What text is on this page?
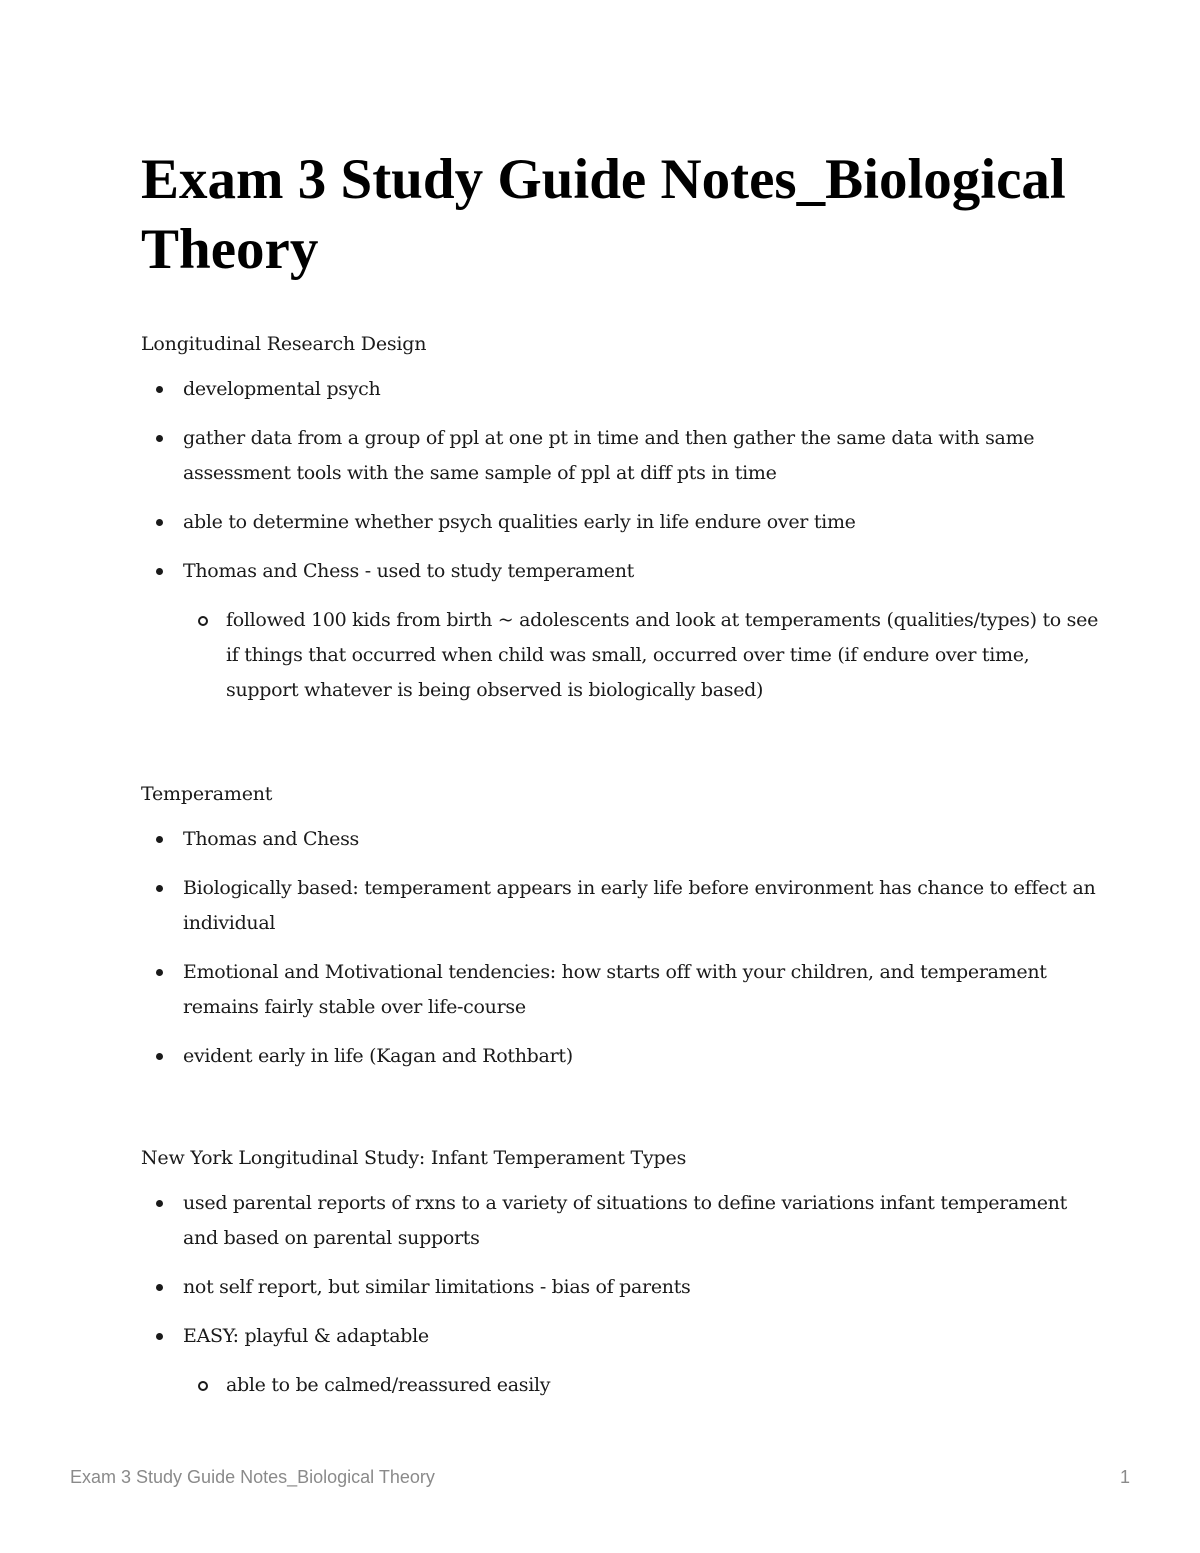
Exam 3 Study Guide Notes_Biological Theory
Longitudinal Research Design
developmental psych
gather data from a group of ppl at one pt in time and then gather the same data with same assessment tools with the same sample of ppl at diff pts in time
able to determine whether psych qualities early in life endure over time
Thomas and Chess - used to study temperament
followed 100 kids from birth ~ adolescents and look at temperaments (qualities/types) to see if things that occurred when child was small, occurred over time (if endure over time, support whatever is being observed is biologically based)
Temperament
Thomas and Chess
Biologically based: temperament appears in early life before environment has chance to effect an individual
Emotional and Motivational tendencies: how starts off with your children, and temperament remains fairly stable over life-course
evident early in life (Kagan and Rothbart)
New York Longitudinal Study: Infant Temperament Types
used parental reports of rxns to a variety of situations to define variations infant temperament and based on parental supports
not self report, but similar limitations - bias of parents
EASY: playful & adaptable
able to be calmed/reassured easily
Exam 3 Study Guide Notes_Biological Theory	1
